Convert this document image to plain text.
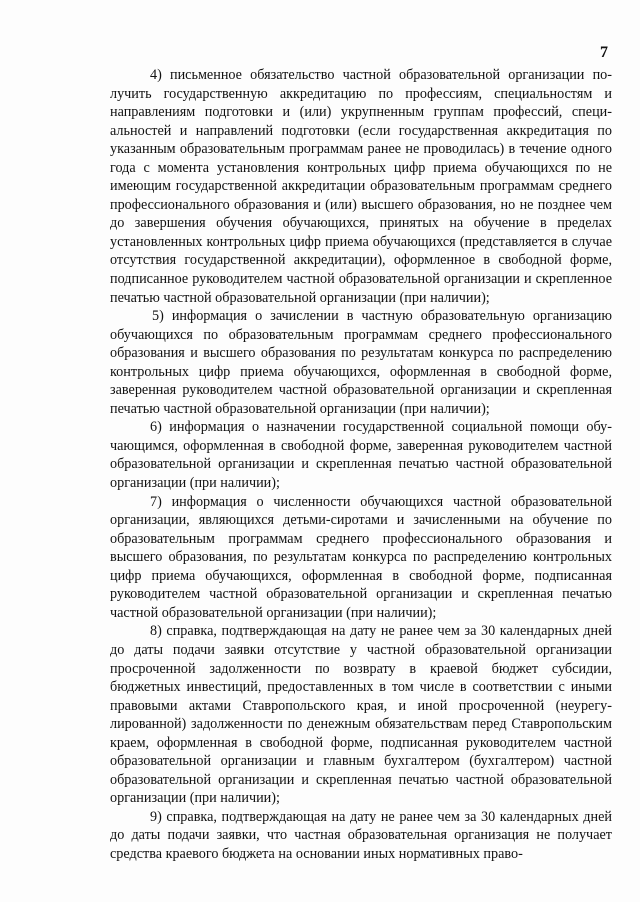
7

4) письменное обязательство частной образовательной организации получить государственную аккредитацию по профессиям, специальностям и направлениям подготовки и (или) укрупненным группам профессий, специальностей и направлений подготовки (если государственная аккредитация по указанным образовательным программам ранее не проводилась) в течение одного года с момента установления контрольных цифр приема обучающихся по не имеющим государственной аккредитации образовательным программам среднего профессионального образования и (или) высшего образования, но не позднее чем до завершения обучения обучающихся, принятых на обучение в пределах установленных контрольных цифр приема обучающихся (представляется в случае отсутствия государственной аккредитации), оформленное в свободной форме, подписанное руководителем частной образовательной организации и скрепленное печатью частной образовательной организации (при наличии);

5) информация о зачислении в частную образовательную организацию обучающихся по образовательным программам среднего профессионального образования и высшего образования по результатам конкурса по распределению контрольных цифр приема обучающихся, оформленная в свободной форме, заверенная руководителем частной образовательной организации и скрепленная печатью частной образовательной организации (при наличии);

6) информация о назначении государственной социальной помощи обучающимся, оформленная в свободной форме, заверенная руководителем частной образовательной организации и скрепленная печатью частной образовательной организации (при наличии);

7) информация о численности обучающихся частной образовательной организации, являющихся детьми-сиротами и зачисленными на обучение по образовательным программам среднего профессионального образования и высшего образования, по результатам конкурса по распределению контрольных цифр приема обучающихся, оформленная в свободной форме, подписанная руководителем частной образовательной организации и скрепленная печатью частной образовательной организации (при наличии);

8) справка, подтверждающая на дату не ранее чем за 30 календарных дней до даты подачи заявки отсутствие у частной образовательной организации просроченной задолженности по возврату в краевой бюджет субсидии, бюджетных инвестиций, предоставленных в том числе в соответствии с иными правовыми актами Ставропольского края, и иной просроченной (неурегулированной) задолженности по денежным обязательствам перед Ставропольским краем, оформленная в свободной форме, подписанная руководителем частной образовательной организации и главным бухгалтером (бухгалтером) частной образовательной организации и скрепленная печатью частной образовательной организации (при наличии);

9) справка, подтверждающая на дату не ранее чем за 30 календарных дней до даты подачи заявки, что частная образовательная организация не получает средства краевого бюджета на основании иных нормативных право-
